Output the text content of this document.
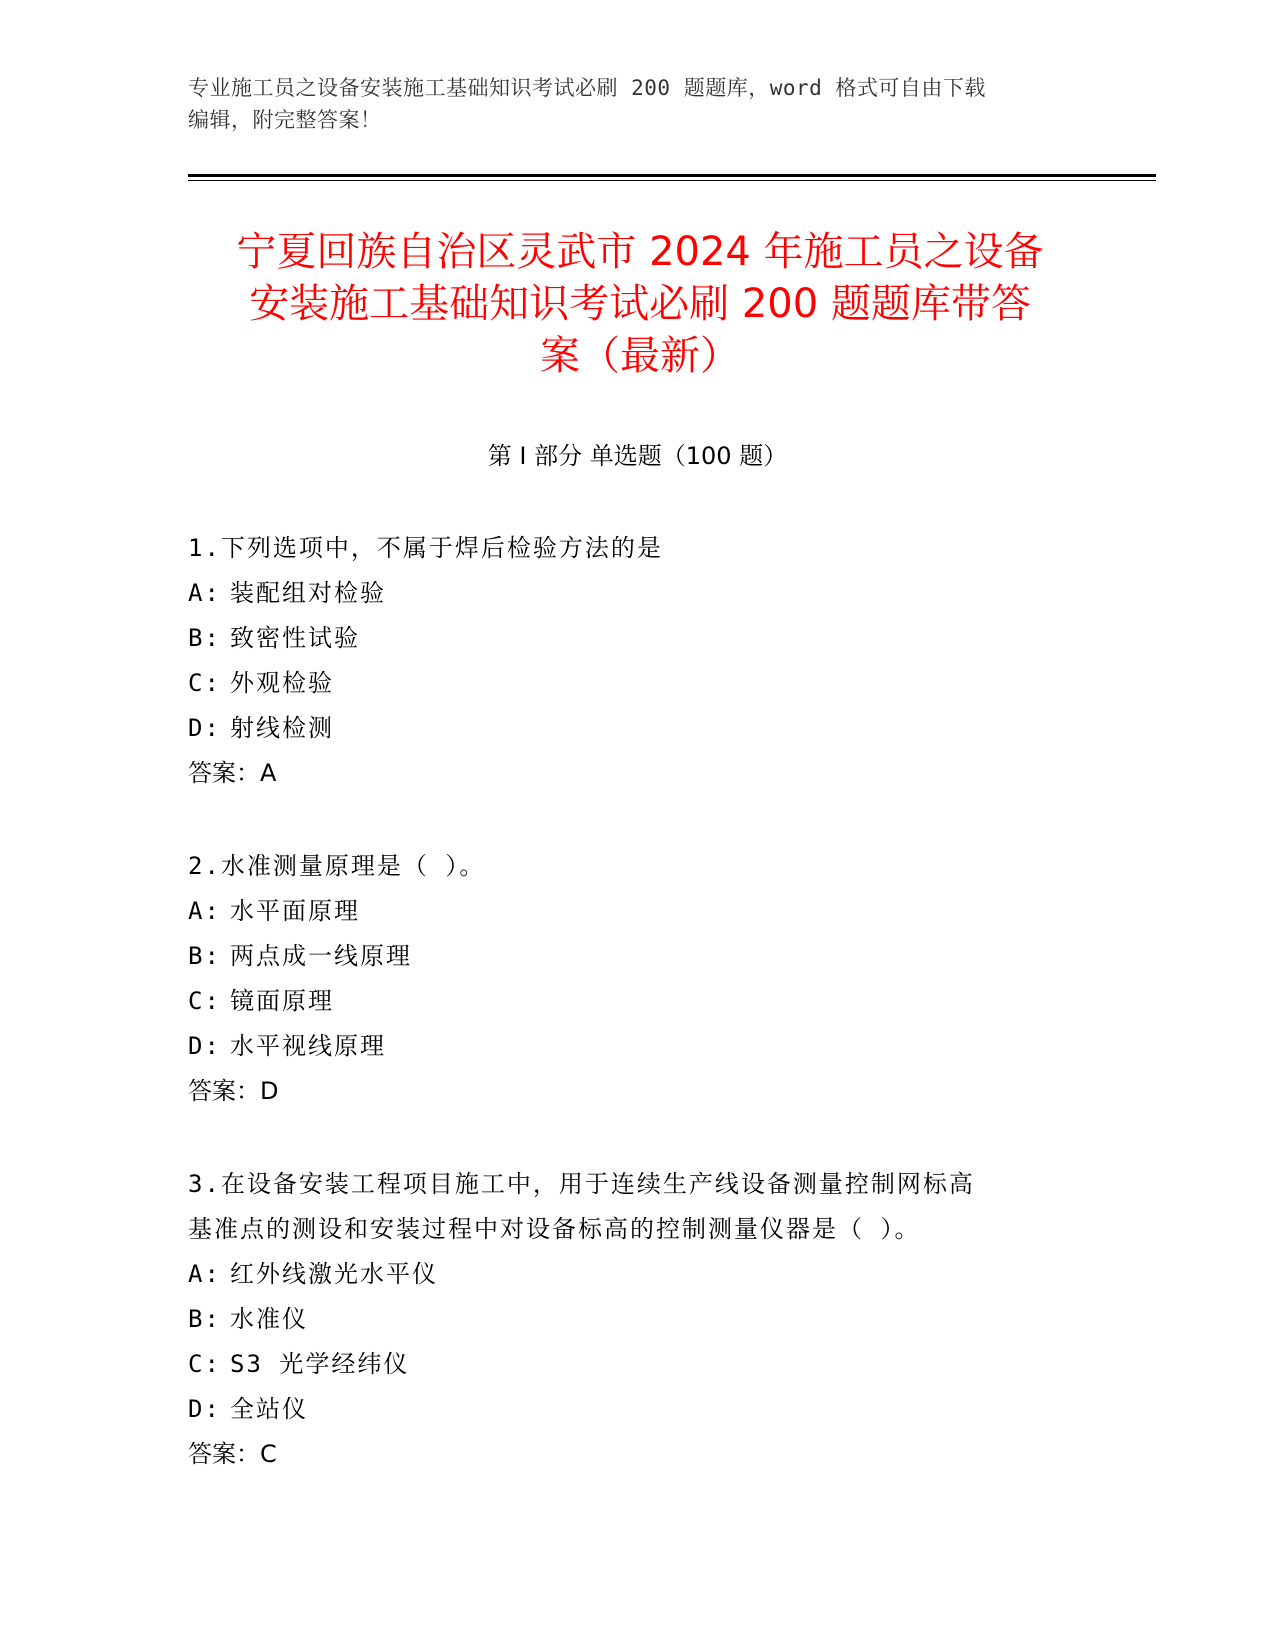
专业施工员之设备安装施工基础知识考试必刷 200 题题库，word 格式可自由下载
编辑，附完整答案！
宁夏回族自治区灵武市 2024 年施工员之设备
安装施工基础知识考试必刷 200 题题库带答
案（最新）
第 I 部分 单选题（100 题）
1.下列选项中，不属于焊后检验方法的是
A: 装配组对检验
B: 致密性试验
C: 外观检验
D: 射线检测
答案：A
2.水准测量原理是（ ）。
A: 水平面原理
B: 两点成一线原理
C: 镜面原理
D: 水平视线原理
答案：D
3.在设备安装工程项目施工中，用于连续生产线设备测量控制网标高
基准点的测设和安装过程中对设备标高的控制测量仪器是（ ）。
A: 红外线激光水平仪
B: 水准仪
C: S3 光学经纬仪
D: 全站仪
答案：C
